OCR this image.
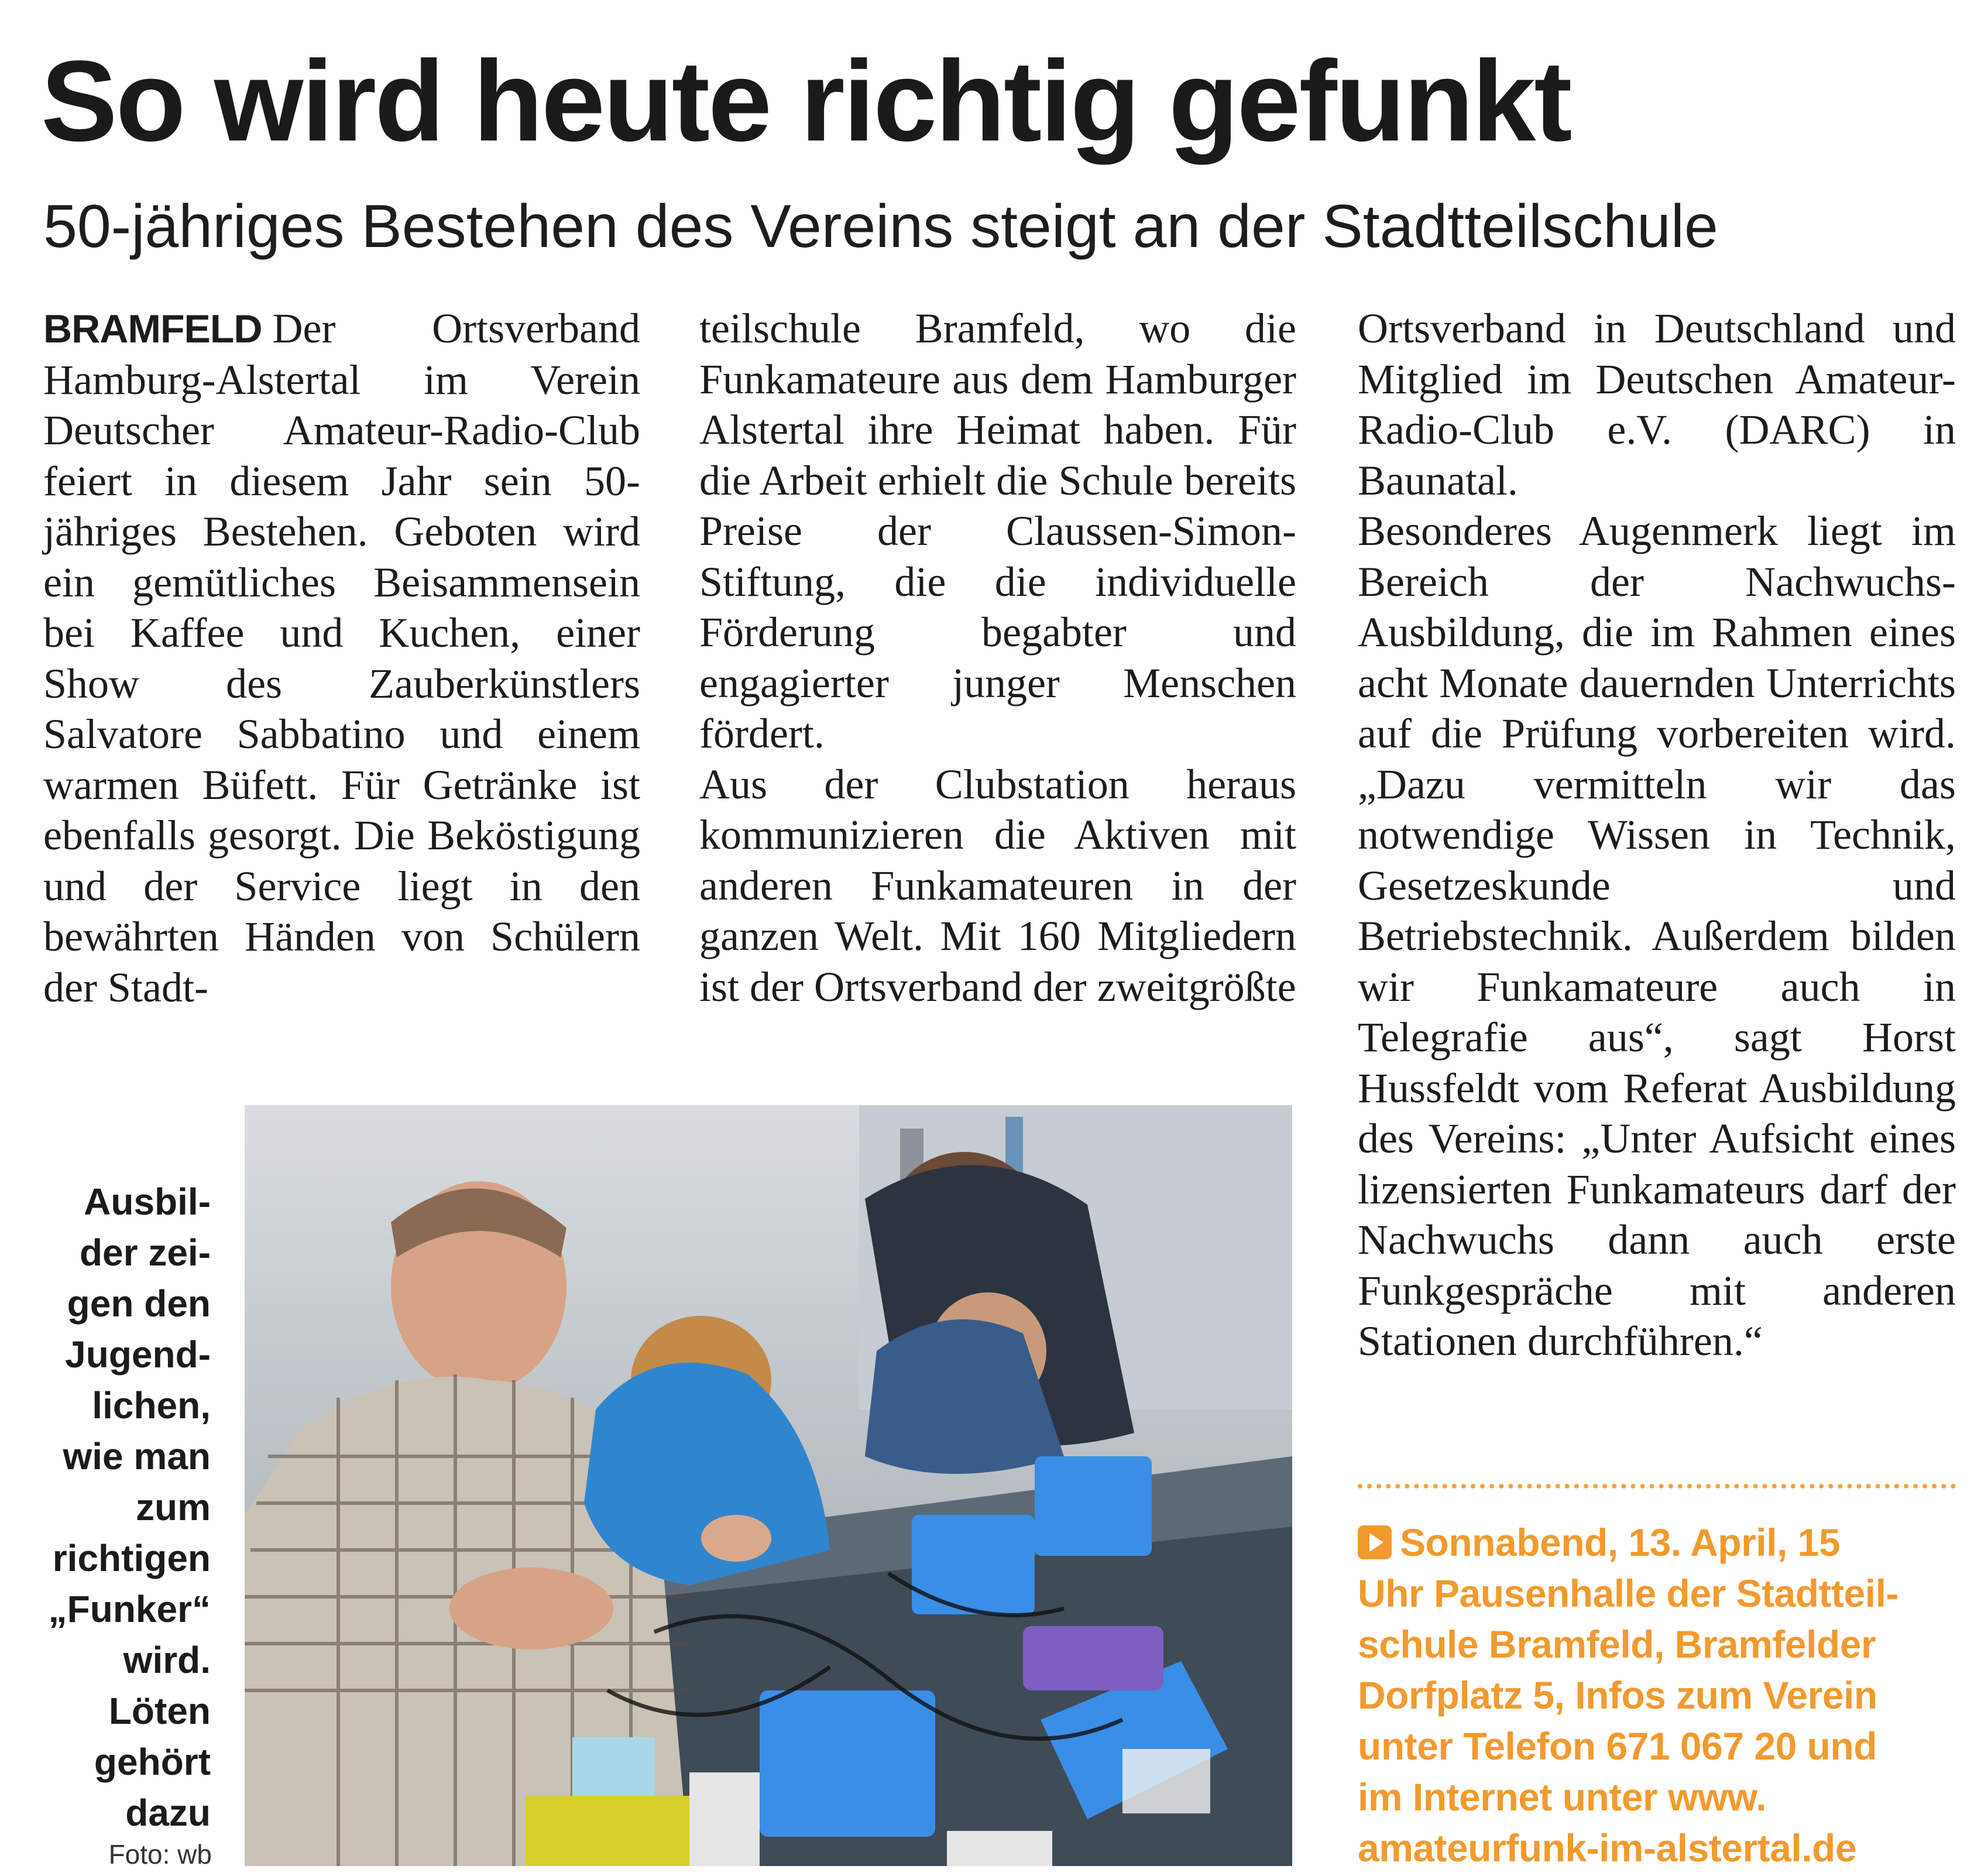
So wird heute richtig gefunkt
50-jähriges Bestehen des Vereins steigt an der Stadtteilschule

BRAMFELD Der Ortsverband Hamburg-Alstertal im Verein Deutscher Amateur-Radio-Club feiert in diesem Jahr sein 50-jähriges Bestehen. Geboten wird ein gemütliches Beisammensein bei Kaffee und Kuchen, einer Show des Zauberkünstlers Salvatore Sabbatino und einem warmen Büfett. Für Getränke ist ebenfalls gesorgt. Die Beköstigung und der Service liegt in den bewährten Händen von Schülern der Stadt-

teilschule Bramfeld, wo die Funkamateure aus dem Hamburger Alstertal ihre Heimat haben. Für die Arbeit erhielt die Schule bereits Preise der Claussen-Simon-Stiftung, die die individuelle Förderung begabter und engagierter junger Menschen fördert.

Aus der Clubstation heraus kommunizieren die Aktiven mit anderen Funkamateuren in der ganzen Welt. Mit 160 Mitgliedern ist der Ortsverband der zweitgrößte

Ortsverband in Deutschland und Mitglied im Deutschen Amateur-Radio-Club e.V. (DARC) in Baunatal.

Besonderes Augenmerk liegt im Bereich der Nachwuchs-Ausbildung, die im Rahmen eines acht Monate dauernden Unterrichts auf die Prüfung vorbereiten wird. „Dazu vermitteln wir das notwendige Wissen in Technik, Gesetzeskunde und Betriebstechnik. Außerdem bilden wir Funkamateure auch in Telegrafie aus“, sagt Horst Hussfeldt vom Referat Ausbildung des Vereins: „Unter Aufsicht eines lizensierten Funkamateurs darf der Nachwuchs dann auch erste Funkgespräche mit anderen Stationen durchführen.“

Ausbil-

der zei-

gen den

Jugend-

lichen,

wie man

zum

richtigen

„Funker“

wird.

Löten

gehört

dazu

Foto: wb

Sonnabend, 13. April, 15

Uhr Pausenhalle der Stadtteil-

schule Bramfeld, Bramfelder

Dorfplatz 5, Infos zum Verein

unter Telefon 671 067 20 und

im Internet unter www.

amateurfunk-im-alstertal.de
